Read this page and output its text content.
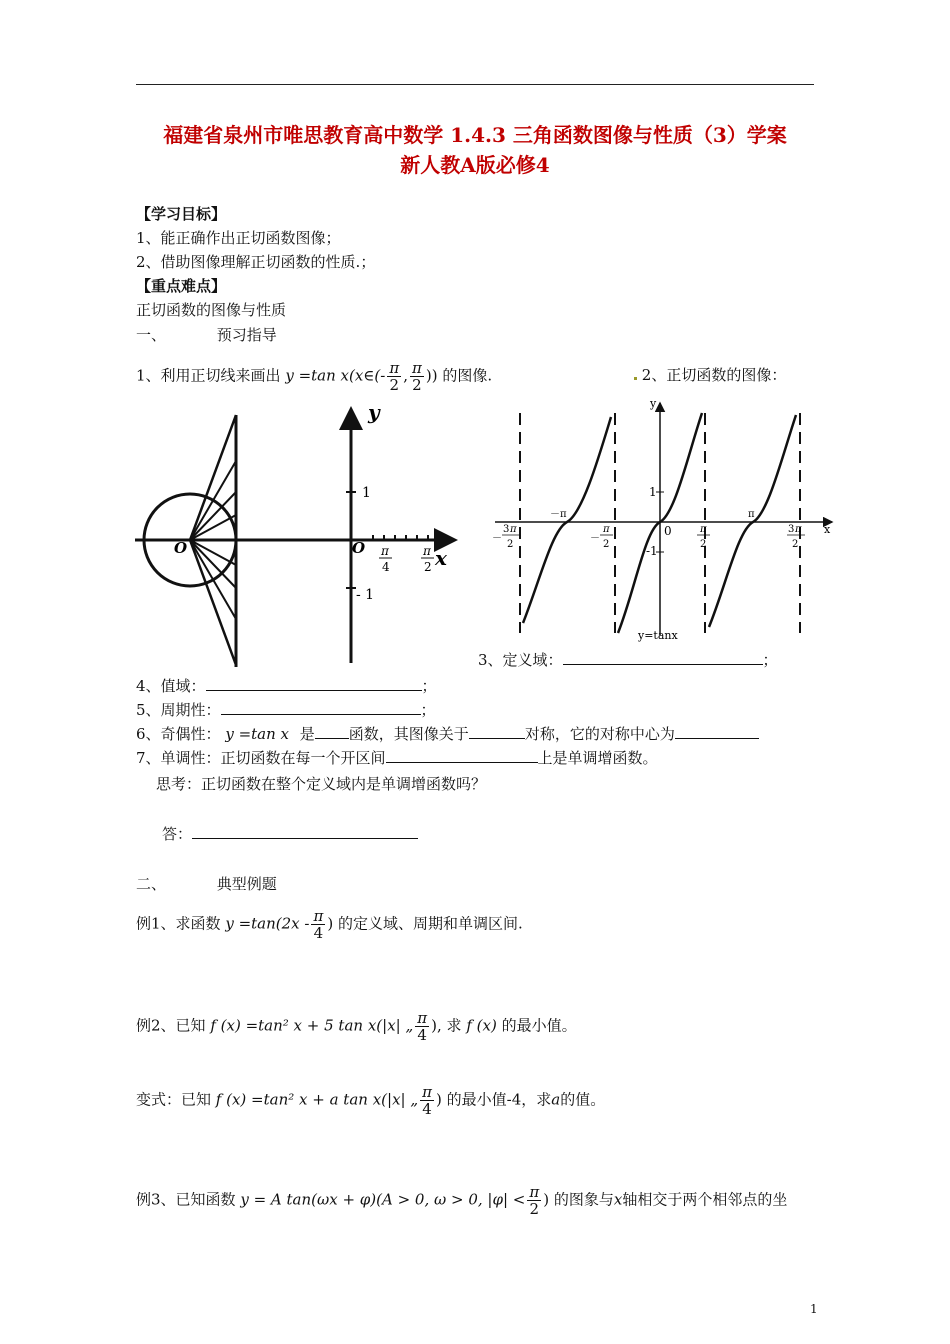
福建省泉州市唯思教育高中数学 1.4.3 三角函数图像与性质（3）学案
新人教A版必修4
【学习目标】
1、能正确作出正切函数图像；
2、借助图像理解正切函数的性质.；
【重点难点】
正切函数的图像与性质
一、	预习指导
1、利用正切线来画出 y =tan x(x∈(- $\frac{\pi}{2}$ , $\frac{\pi}{2}$ )) 的图像.	2、正切函数的图像：
y
x
O	O
1
- 1
π
4
π
2
y
x
1
-1
0
－π	π
－
3 π
2
－
π
2
π
2
3 π
2
y=tanx
3、定义域：	；
4、值域：	；
5、周期性：	；
6、奇偶性： y =tan x 是 函数，其图像关于	对称，它的对称中心为
7、单调性：正切函数在每一个开区间	上是单调增函数。
思考：正切函数在整个定义域内是单调增函数吗？
答：
二、	典型例题
例1、求函数 $y =\tan(2x - \frac{\pi}{4}$ ) 的定义域、周期和单调区间.
例2、已知 f (x) =tan² x + 5 tan x(|x| „ $\frac{\pi}{4}$ ), 求 f (x) 的最小值。
变式：已知 f (x) =tan² x + a tan x(|x| „ $\frac{\pi}{4}$ ) 的最小值-4，求a的值。
例3、已知函数 y = A tan(ωx + φ)(A > 0, ω > 0, $|\varphi| < \frac{\pi}{2}$ ) 的图象与x轴相交于两个相邻点的坐
1
